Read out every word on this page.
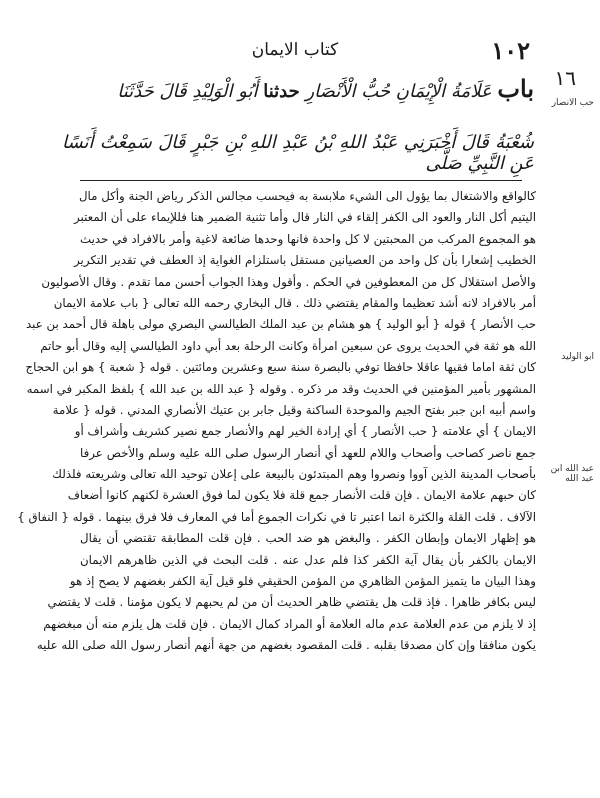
١٠٢
كتاب الايمان
١٦
حب الانصار
ابو الوليد
عبد الله ابن عبد الله
باب عَلَامَةُ الْإِيْمَانِ حُبُّ الْأَنْصَارِ حدثنا أَبُو الْوَلِيْدِ قَالَ حَدَّثَنَا
شُعْبَةُ قَالَ أَخْبَرَنِي عَبْدُ اللهِ بْنُ عَبْدِ اللهِ بْنِ جَبْرٍ قَالَ سَمِعْتُ أَنَسًا عَنِ النَّبِيِّ صَلَّى
كالواقع والاشتغال بما يؤول الى الشيء ملابسة به فيحسب مجالس الذكر رياض الجنة وأكل مال
اليتيم أكل النار والعود الى الكفر إلقاء في النار قال وأما تثنية الضمير هنا فللإيماء على أن المعتبر
هو المجموع المركب من المحبتين لا كل واحدة فانها وحدها ضائعة لاغية وأمر بالافراد في حديث
الخطيب إشعارا بأن كل واحد من العصيانين مستقل باستلزام الغواية إذ العطف في تقدير التكرير
والأصل استقلال كل من المعطوفين في الحكم . وأقول وهذا الجواب أحسن مما تقدم . وقال الأصوليون
أمر بالافراد لانه أشد تعظيما والمقام يقتضي ذلك . قال البخاري رحمه الله تعالى { باب علامة الايمان
حب الأنصار } قوله { أبو الوليد } هو هشام بن عبد الملك الطيالسي البصري مولى باهلة قال أحمد بن عبد
الله هو ثقة في الحديث يروى عن سبعين امرأة وكانت الرحلة بعد أبي داود الطيالسي إليه وقال أبو حاتم
كان ثقة اماما فقيها عاقلا حافظا توفي بالبصرة سنة سبع وعشرين ومائتين . قوله { شعبة } هو ابن الحجاج
المشهور بأمير المؤمنين في الحديث وقد مر ذكره . وقوله { عبد الله بن عبد الله } بلفظ المكبر في اسمه
واسم أبيه ابن جبر بفتح الجيم والموحدة الساكنة وقيل جابر بن عتيك الأنصاري المدني . قوله { علامة
الايمان } أي علامته { حب الأنصار } أي إرادة الخير لهم والأنصار جمع نصير كشريف وأشراف أو
جمع ناصر كصاحب وأصحاب واللام للعهد أي أنصار الرسول صلى الله عليه وسلم والأخص عرفا
بأصحاب المدينة الذين آووا ونصروا وهم المبتدئون بالبيعة على إعلان توحيد الله تعالى وشريعته فلذلك
كان حبهم علامة الايمان . فإن قلت الأنصار جمع قلة فلا يكون لما فوق العشرة لكنهم كانوا أضعاف
الآلاف . قلت القلة والكثرة انما اعتبر تا في نكرات الجموع أما في المعارف فلا فرق بينهما . قوله { النفاق }
هو إظهار الايمان وإبطان الكفر . والبغض هو ضد الحب . فإن قلت المطابقة تقتضي أن يقال
الايمان بالكفر بأن يقال آية الكفر كذا فلم عدل عنه . قلت البحث في الذين ظاهرهم الايمان
وهذا البيان ما يتميز المؤمن الظاهري من المؤمن الحقيقي فلو قيل آية الكفر بغضهم لا يصح إذ هو
ليس بكافر ظاهرا . فإذ قلت هل يقتضي ظاهر الحديث أن من لم يحبهم لا يكون مؤمنا . قلت لا يقتضي
إذ لا يلزم من عدم العلامة عدم ماله العلامة أو المراد كمال الايمان . فإن قلت هل يلزم منه أن مبغضهم
يكون منافقا وإن كان مصدقا بقلبه . قلت المقصود بغضهم من جهة أنهم أنصار رسول الله صلى الله عليه
